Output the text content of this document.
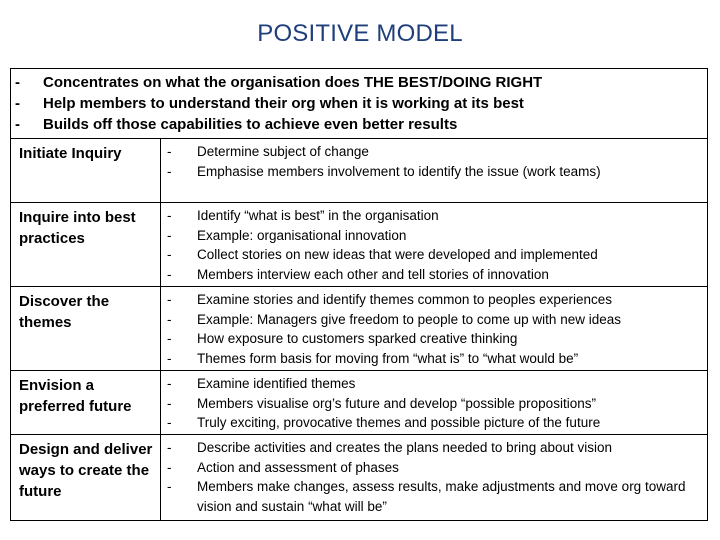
POSITIVE MODEL
- Concentrates on what the organisation does THE BEST/DOING RIGHT
- Help members to understand their org when it is working at its best
- Builds off those capabilities to achieve even better results
Initiate Inquiry	-	Determine subject of change
-	Emphasise members involvement to identify the issue (work teams)
Inquire into best practices
-	Identify “what is best” in the organisation
-	Example: organisational innovation
-	Collect stories on new ideas that were developed and implemented
-	Members interview each other and tell stories of innovation
Discover the themes
-	Examine stories and identify themes common to peoples experiences
-	Example: Managers give freedom to people to come up with new ideas
-	How exposure to customers sparked creative thinking
-	Themes form basis for moving from “what is” to “what would be”
Envision a preferred future
-	Examine identified themes
-	Members visualise org’s future and develop “possible propositions”
-	Truly exciting, provocative themes and possible picture of the future
Design and deliver ways to create the future
-	Describe activities and creates the plans needed to bring about vision
-	Action and assessment of phases
-	Members make changes, assess results, make adjustments and move org toward vision and sustain “what will be”
